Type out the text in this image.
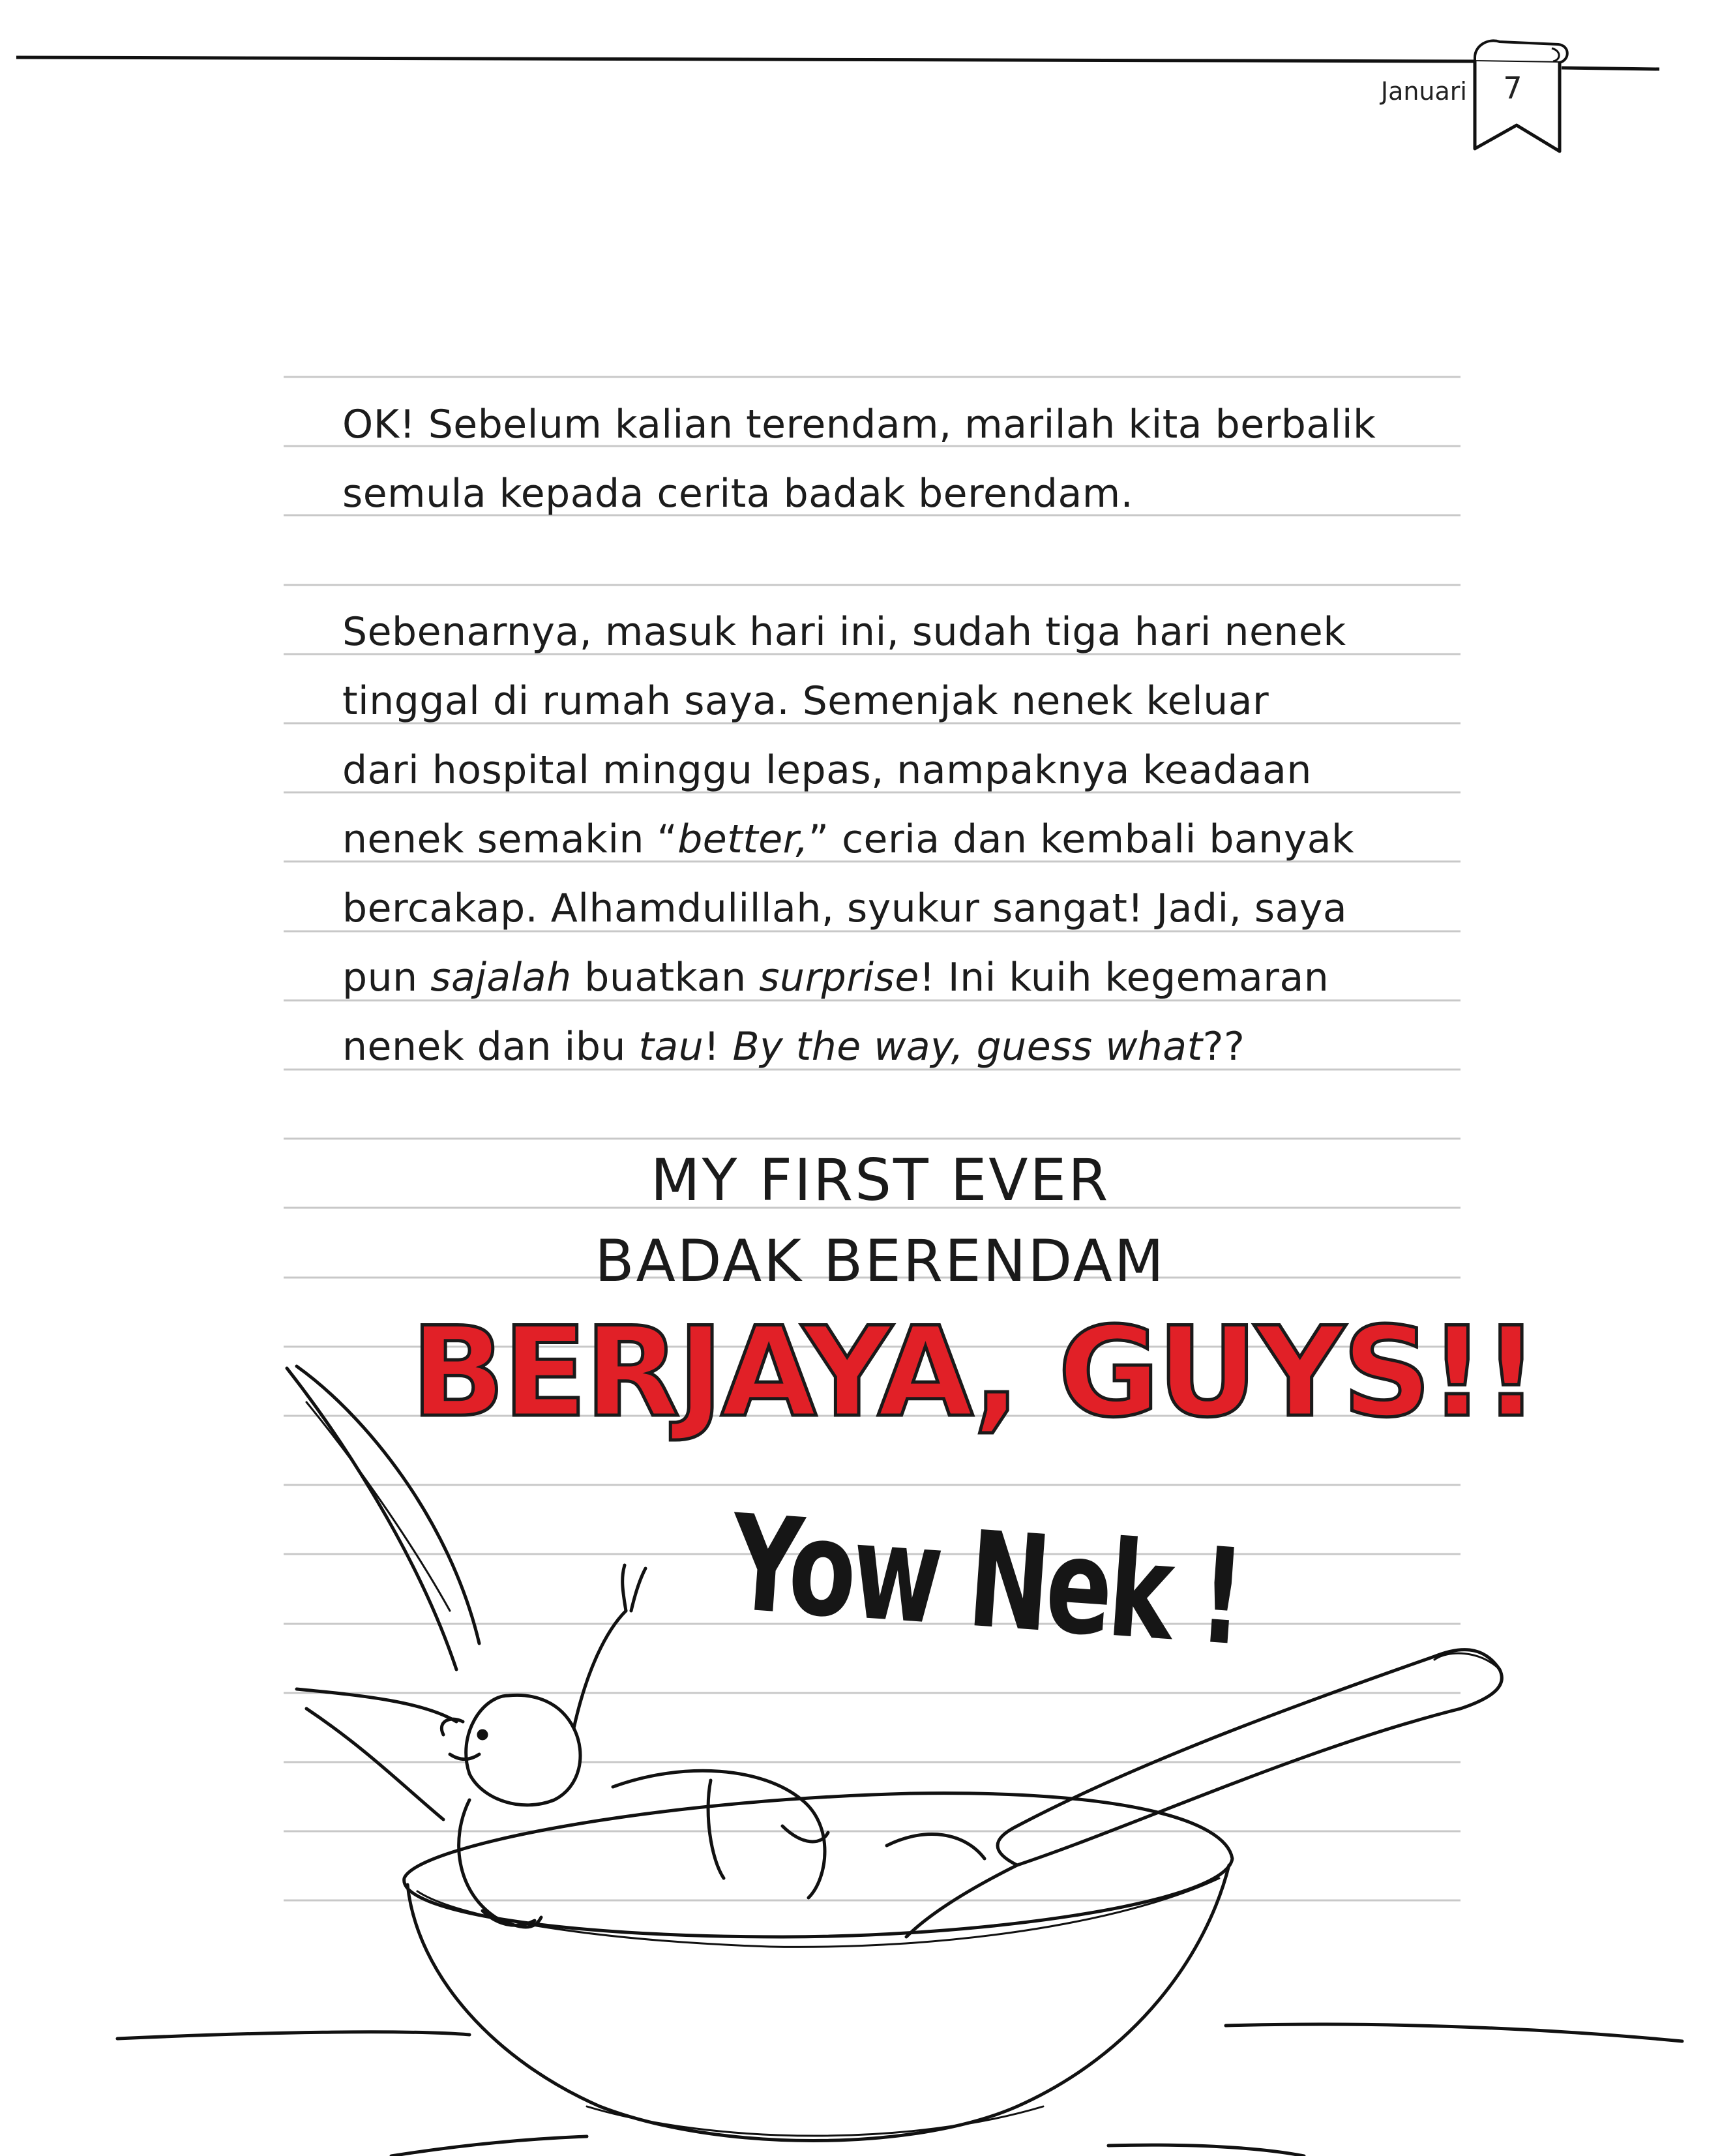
Januari	7
OK! Sebelum kalian terendam, marilah kita berbalik
semula kepada cerita badak berendam.
Sebenarnya, masuk hari ini, sudah tiga hari nenek
tinggal di rumah saya. Semenjak nenek keluar
dari hospital minggu lepas, nampaknya keadaan
nenek semakin “better,” ceria dan kembali banyak
bercakap. Alhamdulillah, syukur sangat! Jadi, saya
pun sajalah buatkan surprise! Ini kuih kegemaran
nenek dan ibu tau! By the way, guess what??
MY FIRST EVER
BADAK BERENDAM
BERJAYA, GUYS!!
Yow Nek !
